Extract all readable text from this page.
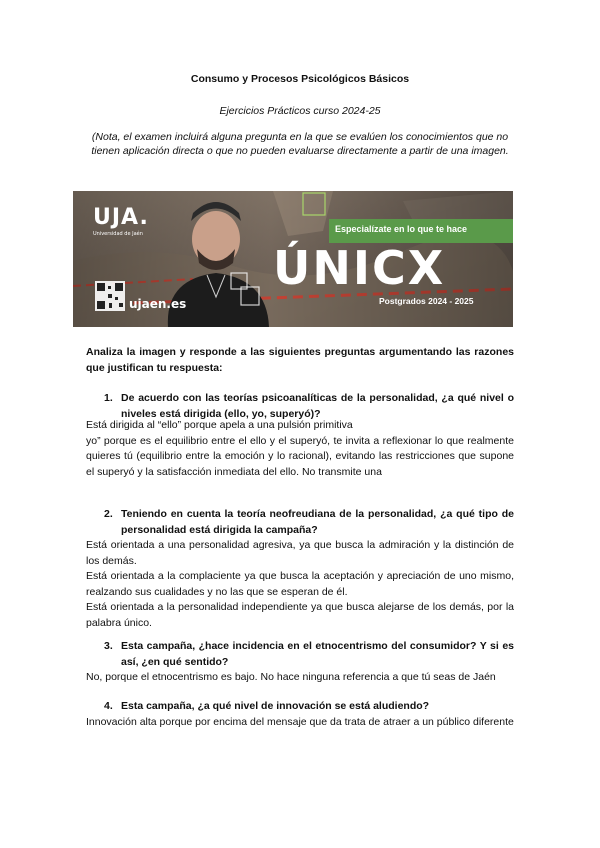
Consumo y Procesos Psicológicos Básicos
Ejercicios Prácticos curso 2024-25
(Nota, el examen incluirá alguna pregunta en la que se evalúen los conocimientos que no tienen aplicación directa o que no pueden evaluarse directamente a partir de una imagen.
UJA.
Universidad de Jaén
ujaen.es
Especialízate en lo que te hace
ÚNICX
Postgrados 2024 - 2025
Analiza la imagen y responde a las siguientes preguntas argumentando las razones que justifican tu respuesta:
1. De acuerdo con las teorías psicoanalíticas de la personalidad, ¿a qué nivel o niveles está dirigida (ello, yo, superyó)?

Está dirigida al “ello” porque apela a una pulsión primitiva

yo” porque es el equilibrio entre el ello y el superyó, te invita a reflexionar lo que realmente quieres tú (equilibrio entre la emoción y lo racional), evitando las restricciones que supone el superyó y la satisfacción inmediata del ello. No transmite una

2. Teniendo en cuenta la teoría neofreudiana de la personalidad, ¿a qué tipo de personalidad está dirigida la campaña?

Está orientada a una personalidad agresiva, ya que busca la admiración y la distinción de los demás.

Está orientada a la complaciente ya que busca la aceptación y apreciación de uno mismo, realzando sus cualidades y no las que se esperan de él.

Está orientada a la personalidad independiente ya que busca alejarse de los demás, por la palabra único.

3. Esta campaña, ¿hace incidencia en el etnocentrismo del consumidor? Y si es así, ¿en qué sentido?

No, porque el etnocentrismo es bajo. No hace ninguna referencia a que tú seas de Jaén

4. Esta campaña, ¿a qué nivel de innovación se está aludiendo?

Innovación alta porque por encima del mensaje que da trata de atraer a un público diferente
